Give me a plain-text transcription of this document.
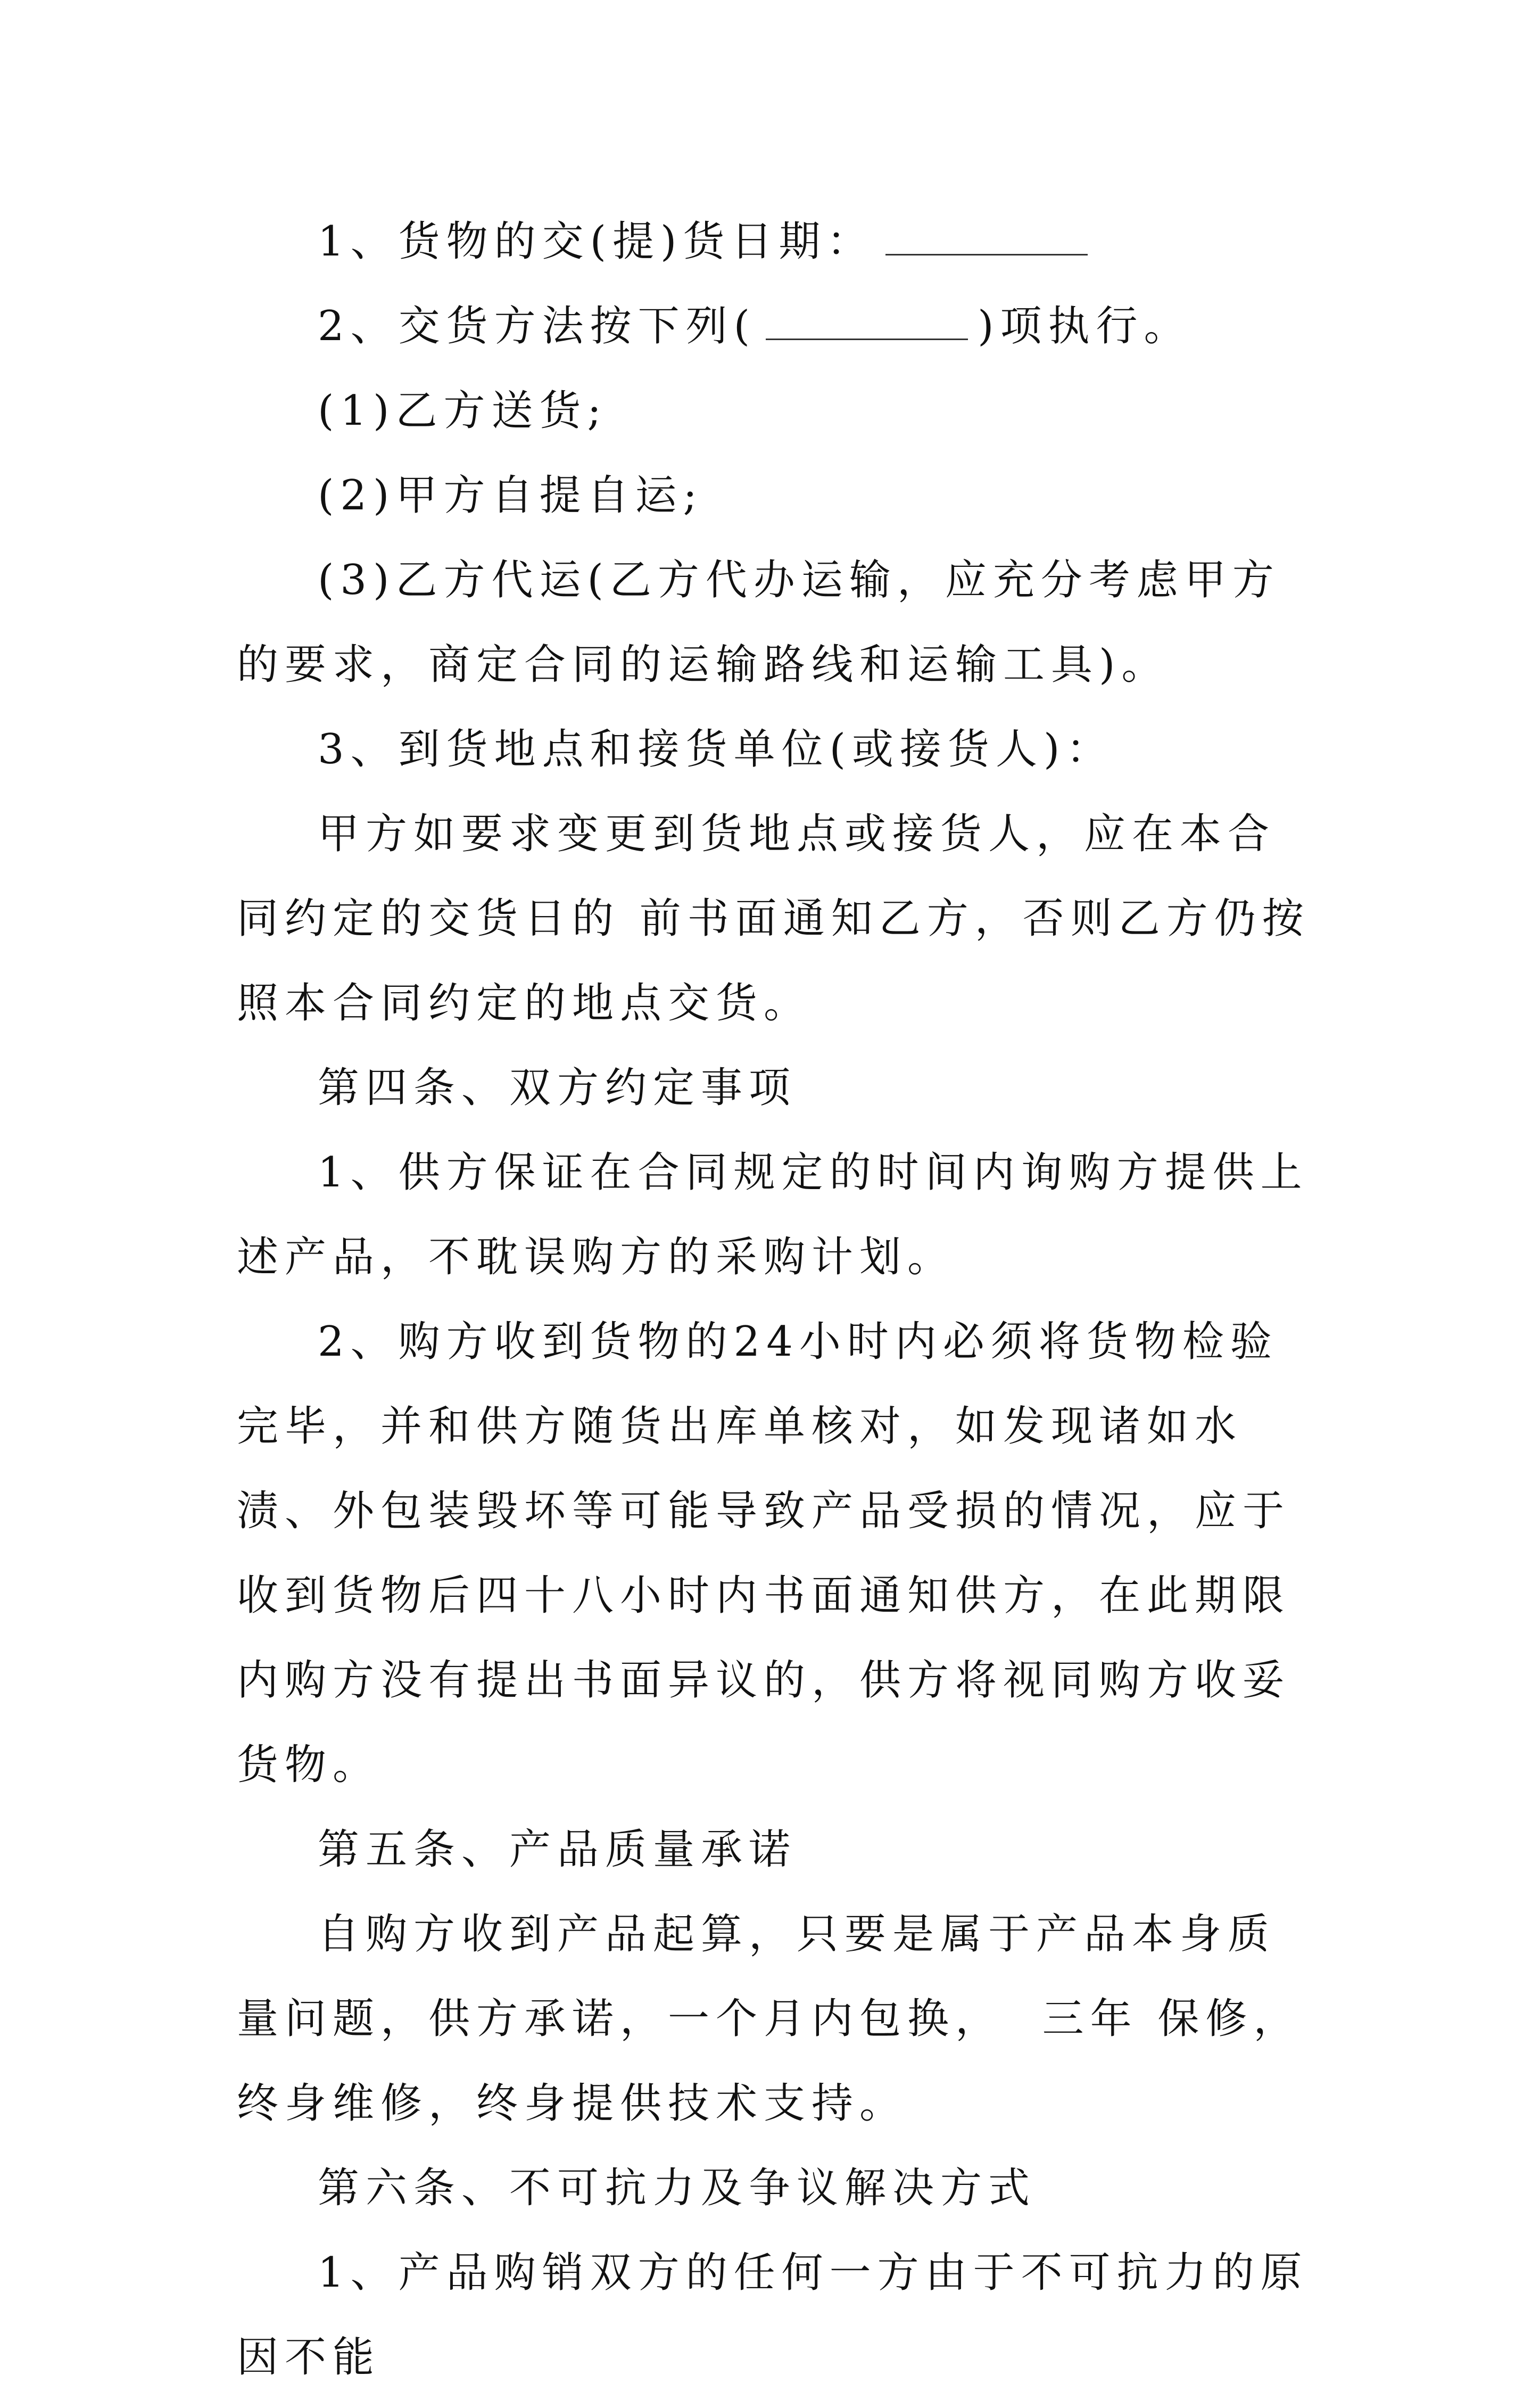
1、货物的交(提)货日期：

2、交货方法按下列(	)项执行。

(1)乙方送货;

(2)甲方自提自运;

(3)乙方代运(乙方代办运输，应充分考虑甲方的要求，商定合同的运输路线和运输工具)。

3、到货地点和接货单位(或接货人)：

甲方如要求变更到货地点或接货人，应在本合同约定的交货日的 前书面通知乙方，否则乙方仍按照本合同约定的地点交货。

第四条、双方约定事项

1、供方保证在合同规定的时间内询购方提供上述产品，不耽误购方的采购计划。

2、购方收到货物的24小时内必须将货物检验完毕，并和供方随货出库单核对，如发现诸如水渍、外包装毁坏等可能导致产品受损的情况，应于收到货物后四十八小时内书面通知供方，在此期限内购方没有提出书面异议的，供方将视同购方收妥货物。

第五条、产品质量承诺

自购方收到产品起算，只要是属于产品本身质量问题，供方承诺，一个月内包换，  三年 保修，终身维修，终身提供技术支持。

第六条、不可抗力及争议解决方式

1、产品购销双方的任何一方由于不可抗力的原因不能
